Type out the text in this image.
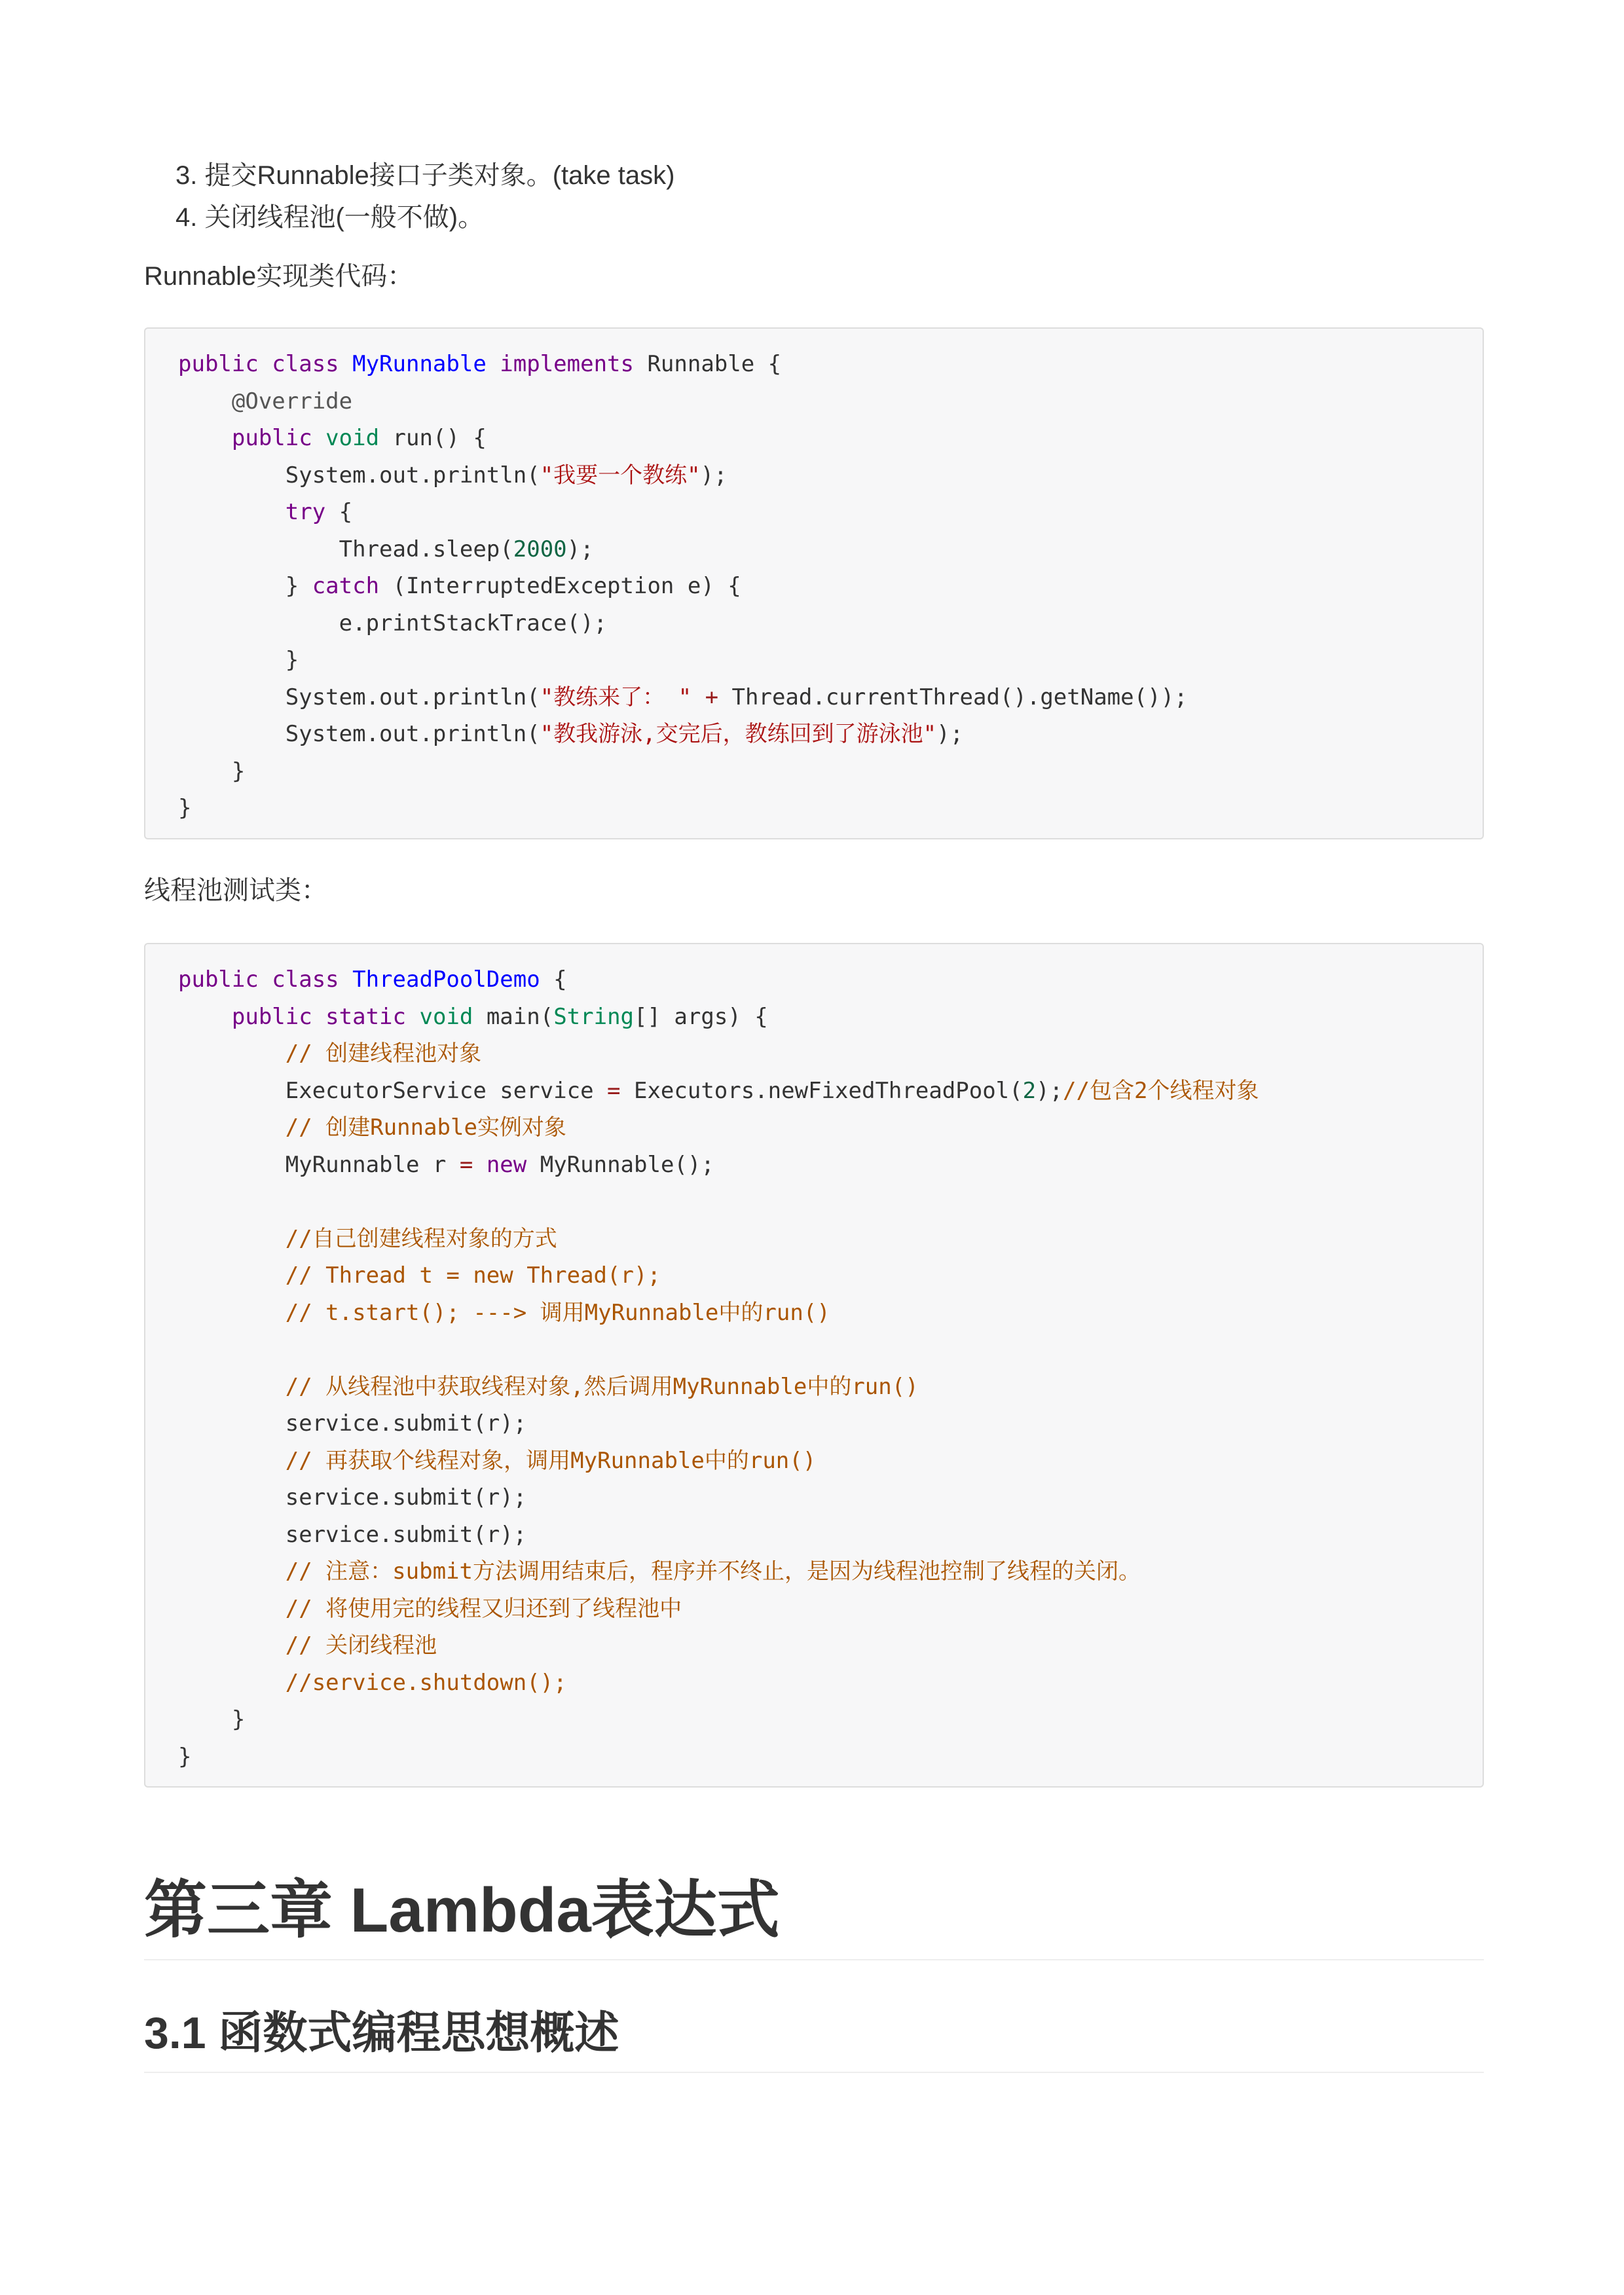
3. 提交Runnable接口子类对象。(take task)
4. 关闭线程池(一般不做)。
Runnable实现类代码：
public class MyRunnable implements Runnable {
@Override
public void run() {
System.out.println("我要一个教练");
try {
Thread.sleep(2000);
} catch (InterruptedException e) {
e.printStackTrace();
}
System.out.println("教练来了： " + Thread.currentThread().getName());
System.out.println("教我游泳,交完后，教练回到了游泳池");
}
}
线程池测试类：
public class ThreadPoolDemo {
public static void main(String[] args) {
// 创建线程池对象
ExecutorService service = Executors.newFixedThreadPool(2);//包含2个线程对象
// 创建Runnable实例对象
MyRunnable r = new MyRunnable();

//自己创建线程对象的方式
// Thread t = new Thread(r);
// t.start(); ---> 调用MyRunnable中的run()

// 从线程池中获取线程对象,然后调用MyRunnable中的run()
service.submit(r);
// 再获取个线程对象，调用MyRunnable中的run()
service.submit(r);
service.submit(r);
// 注意：submit方法调用结束后，程序并不终止，是因为线程池控制了线程的关闭。
// 将使用完的线程又归还到了线程池中
// 关闭线程池
//service.shutdown();
}
}
第三章 Lambda表达式
3.1 函数式编程思想概述
